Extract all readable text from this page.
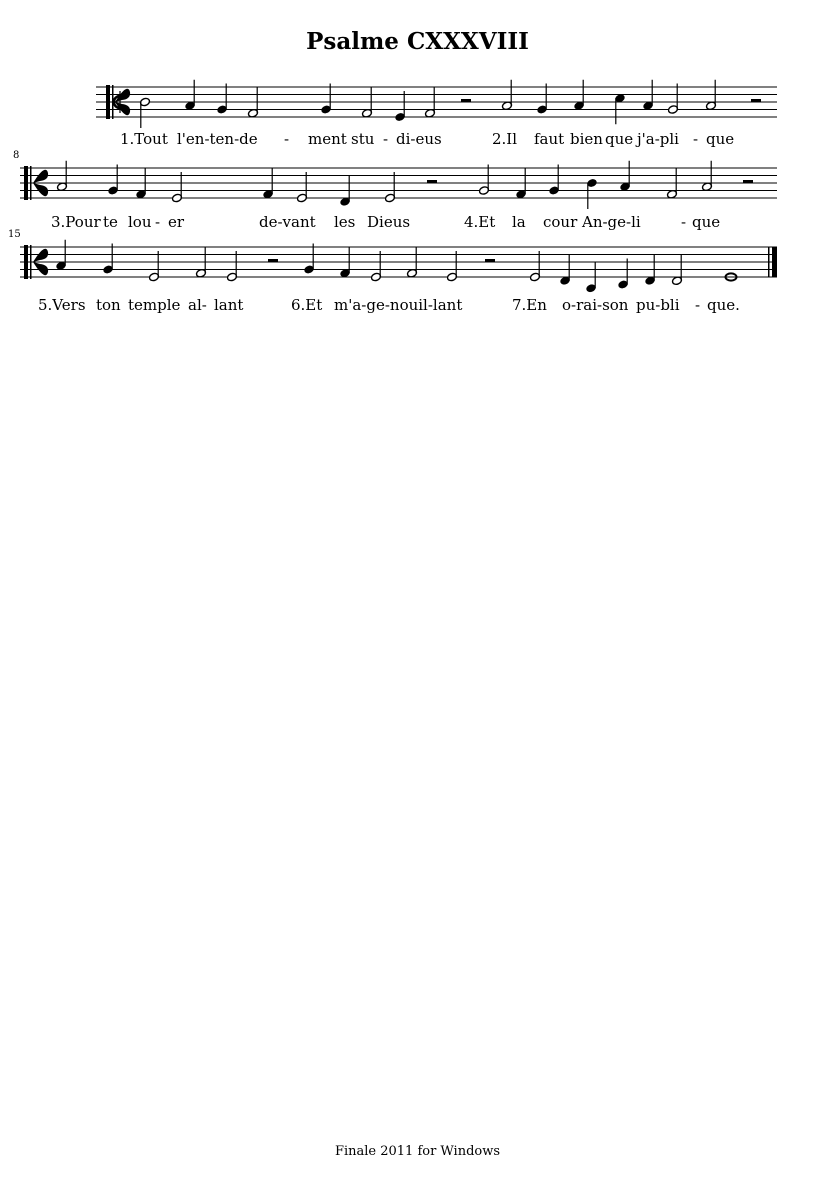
Psalme CXXXVIII
1.Tout l'en-ten-de - ment stu - di-eus	2.Il faut bien que j'a-pli - que
8
3.Pour te lou - er	de-vant les Dieus	4.Et la cour An-ge-li	- que
15
5.Vers ton temple al- lant	6.Et m'a-ge-nouil-lant	7.En o-rai-son pu-bli - que.
Finale 2011 for Windows
